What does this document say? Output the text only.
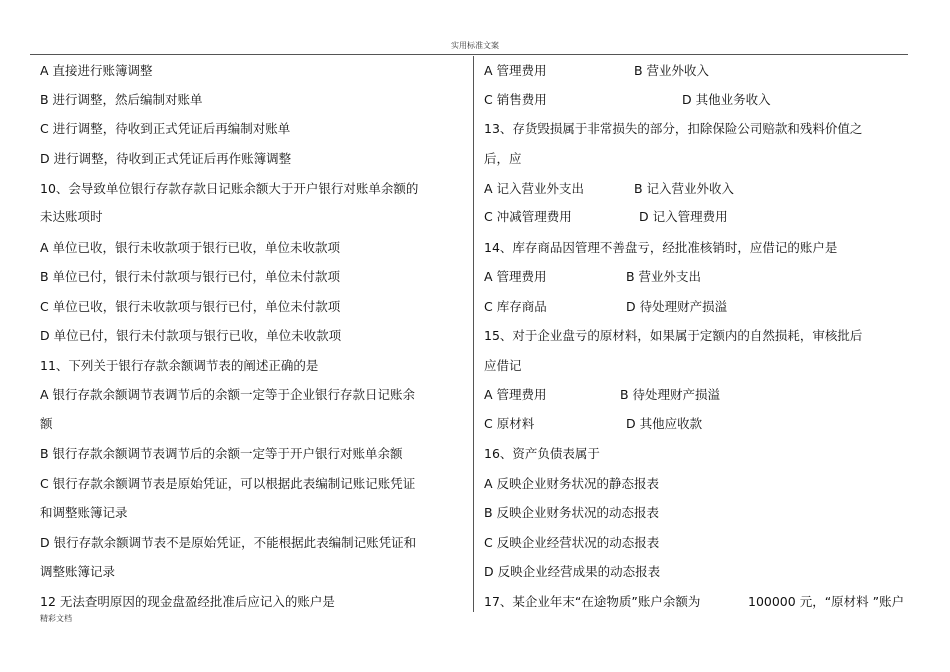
实用标准文案
A 直接进行账簿调整
B 进行调整，然后编制对账单
C 进行调整，待收到正式凭证后再编制对账单
D 进行调整，待收到正式凭证后再作账簿调整
10、会导致单位银行存款存款日记账余额大于开户银行对账单余额的
未达账项时
A 单位已收，银行未收款项于银行已收，单位未收款项
B 单位已付，银行未付款项与银行已付，单位未付款项
C 单位已收，银行未收款项与银行已付，单位未付款项
D 单位已付，银行未付款项与银行已收，单位未收款项
11、下列关于银行存款余额调节表的阐述正确的是
A 银行存款余额调节表调节后的余额一定等于企业银行存款日记账余
额
B 银行存款余额调节表调节后的余额一定等于开户银行对账单余额
C 银行存款余额调节表是原始凭证，可以根据此表编制记账记账凭证
和调整账簿记录
D 银行存款余额调节表不是原始凭证，不能根据此表编制记账凭证和
调整账簿记录
12 无法查明原因的现金盘盈经批准后应记入的账户是
A 管理费用	B 营业外收入
C 销售费用	D 其他业务收入
13、存货毁损属于非常损失的部分，扣除保险公司赔款和残料价值之
后，应
A 记入营业外支出	B 记入营业外收入
C 冲减管理费用	D 记入管理费用
14、库存商品因管理不善盘亏，经批准核销时，应借记的账户是
A 管理费用	B 营业外支出
C 库存商品	D 待处理财产损溢
15、对于企业盘亏的原材料，如果属于定额内的自然损耗，审核批后
应借记
A 管理费用	B 待处理财产损溢
C 原材料	D 其他应收款
16、资产负债表属于
A 反映企业财务状况的静态报表
B 反映企业财务状况的动态报表
C 反映企业经营状况的动态报表
D 反映企业经营成果的动态报表
17、某企业年末“在途物质”账户余额为	100000 元，“原材料 ”账户
精彩文档
